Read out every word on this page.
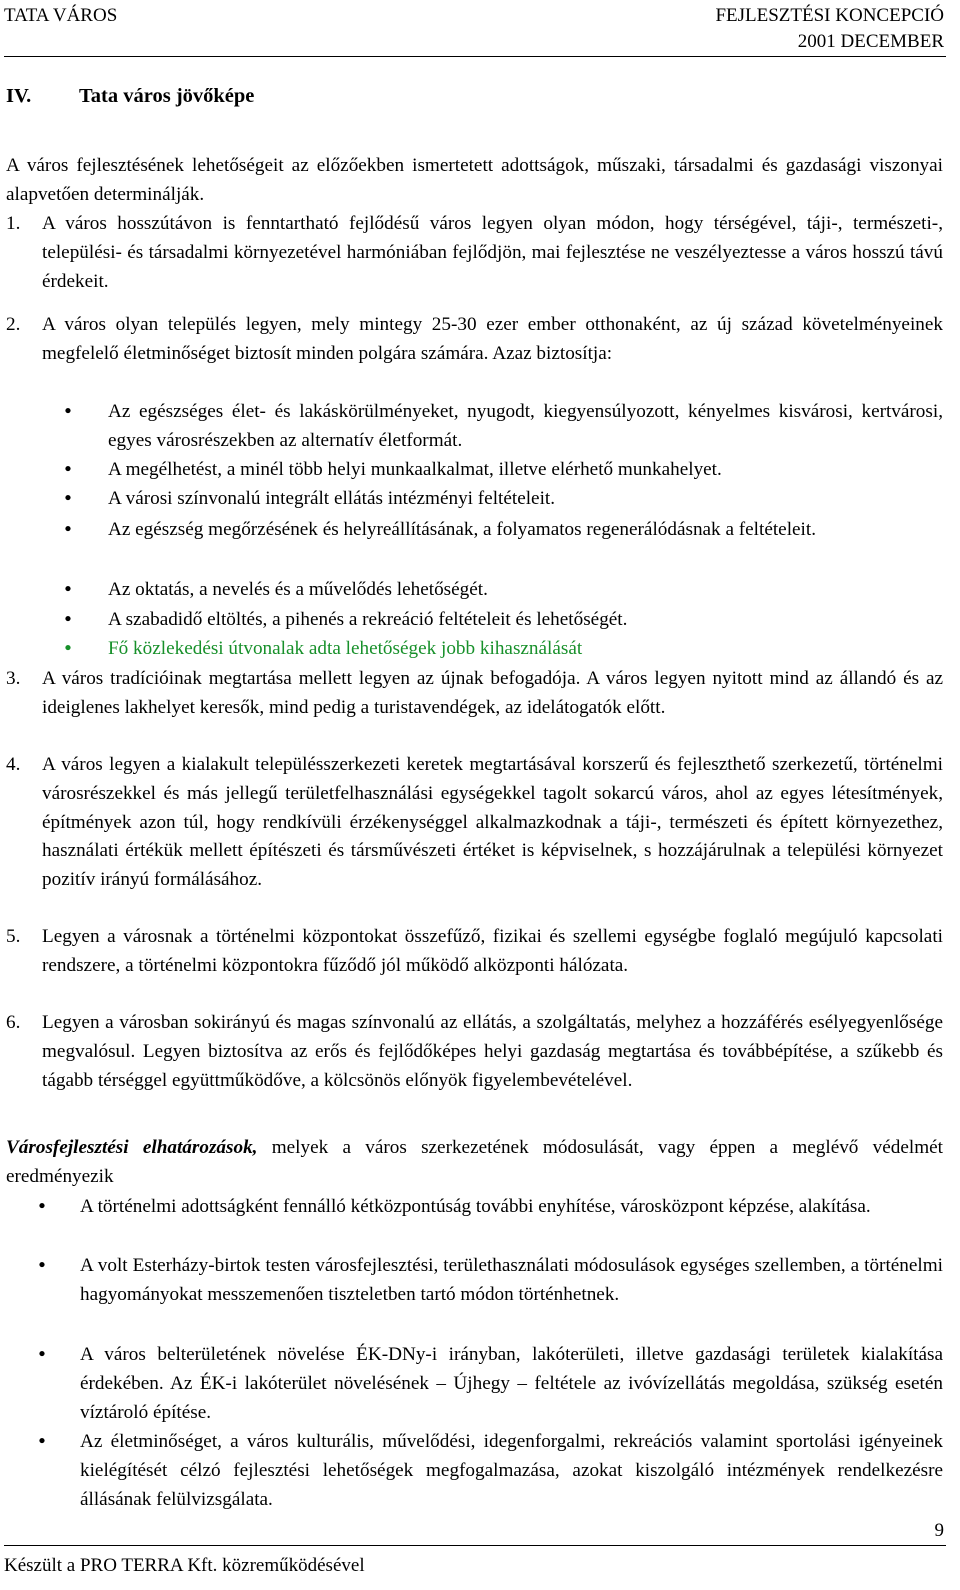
TATA VÁROS	FEJLESZTÉSI KONCEPCIÓ
2001 DECEMBER
IV. Tata város jövőképe
A város fejlesztésének lehetőségeit az előzőekben ismertetett adottságok, műszaki, társadalmi és gazdasági viszonyai alapvetően determinálják.
1. A város hosszútávon is fenntartható fejlődésű város legyen olyan módon, hogy térségével, táji-, természeti-, települési- és társadalmi környezetével harmóniában fejlődjön, mai fejlesztése ne veszélyeztesse a város hosszú távú érdekeit.
2. A város olyan település legyen, mely mintegy 25-30 ezer ember otthonaként, az új század követelményeinek megfelelő életminőséget biztosít minden polgára számára. Azaz biztosítja:
• Az egészséges élet- és lakáskörülményeket, nyugodt, kiegyensúlyozott, kényelmes kisvárosi, kertvárosi, egyes városrészekben az alternatív életformát.
• A megélhetést, a minél több helyi munkaalkalmat, illetve elérhető munkahelyet.
• A városi színvonalú integrált ellátás intézményi feltételeit.
• Az egészség megőrzésének és helyreállításának, a folyamatos regenerálódásnak a feltételeit.
• Az oktatás, a nevelés és a művelődés lehetőségét.
• A szabadidő eltöltés, a pihenés a rekreáció feltételeit és lehetőségét.
• Fő közlekedési útvonalak adta lehetőségek jobb kihasználását
3. A város tradícióinak megtartása mellett legyen az újnak befogadója. A város legyen nyitott mind az állandó és az ideiglenes lakhelyet keresők, mind pedig a turistavendégek, az idelátogatók előtt.
4. A város legyen a kialakult településszerkezeti keretek megtartásával korszerű és fejleszthető szerkezetű, történelmi városrészekkel és más jellegű területfelhasználási egységekkel tagolt sokarcú város, ahol az egyes létesítmények, építmények azon túl, hogy rendkívüli érzékenységgel alkalmazkodnak a táji-, természeti és épített környezethez, használati értékük mellett építészeti és társművészeti értéket is képviselnek, s hozzájárulnak a települési környezet pozitív irányú formálásához.
5. Legyen a városnak a történelmi központokat összefűző, fizikai és szellemi egységbe foglaló megújuló kapcsolati rendszere, a történelmi központokra fűződő jól működő alközponti hálózata.
6. Legyen a városban sokirányú és magas színvonalú az ellátás, a szolgáltatás, melyhez a hozzáférés esélyegyenlősége megvalósul. Legyen biztosítva az erős és fejlődőképes helyi gazdaság megtartása és továbbépítése, a szűkebb és tágabb térséggel együttműködőve, a kölcsönös előnyök figyelembevételével.
Városfejlesztési elhatározások, melyek a város szerkezetének módosulását, vagy éppen a meglévő védelmét eredményezik
• A történelmi adottságként fennálló kétközpontúság további enyhítése, városközpont képzése, alakítása.
• A volt Esterházy-birtok testen városfejlesztési, területhasználati módosulások egységes szellemben, a történelmi hagyományokat messzemenően tiszteletben tartó módon történhetnek.
• A város belterületének növelése ÉK-DNy-i irányban, lakóterületi, illetve gazdasági területek kialakítása érdekében. Az ÉK-i lakóterület növelésének – Újhegy – feltétele az ivóvízellátás megoldása, szükség esetén víztároló építése.
• Az életminőséget, a város kulturális, művelődési, idegenforgalmi, rekreációs valamint sportolási igényeinek kielégítését célzó fejlesztési lehetőségek megfogalmazása, azokat kiszolgáló intézmények rendelkezésre állásának felülvizsgálata.
9
Készült a PRO TERRA Kft. közreműködésével
